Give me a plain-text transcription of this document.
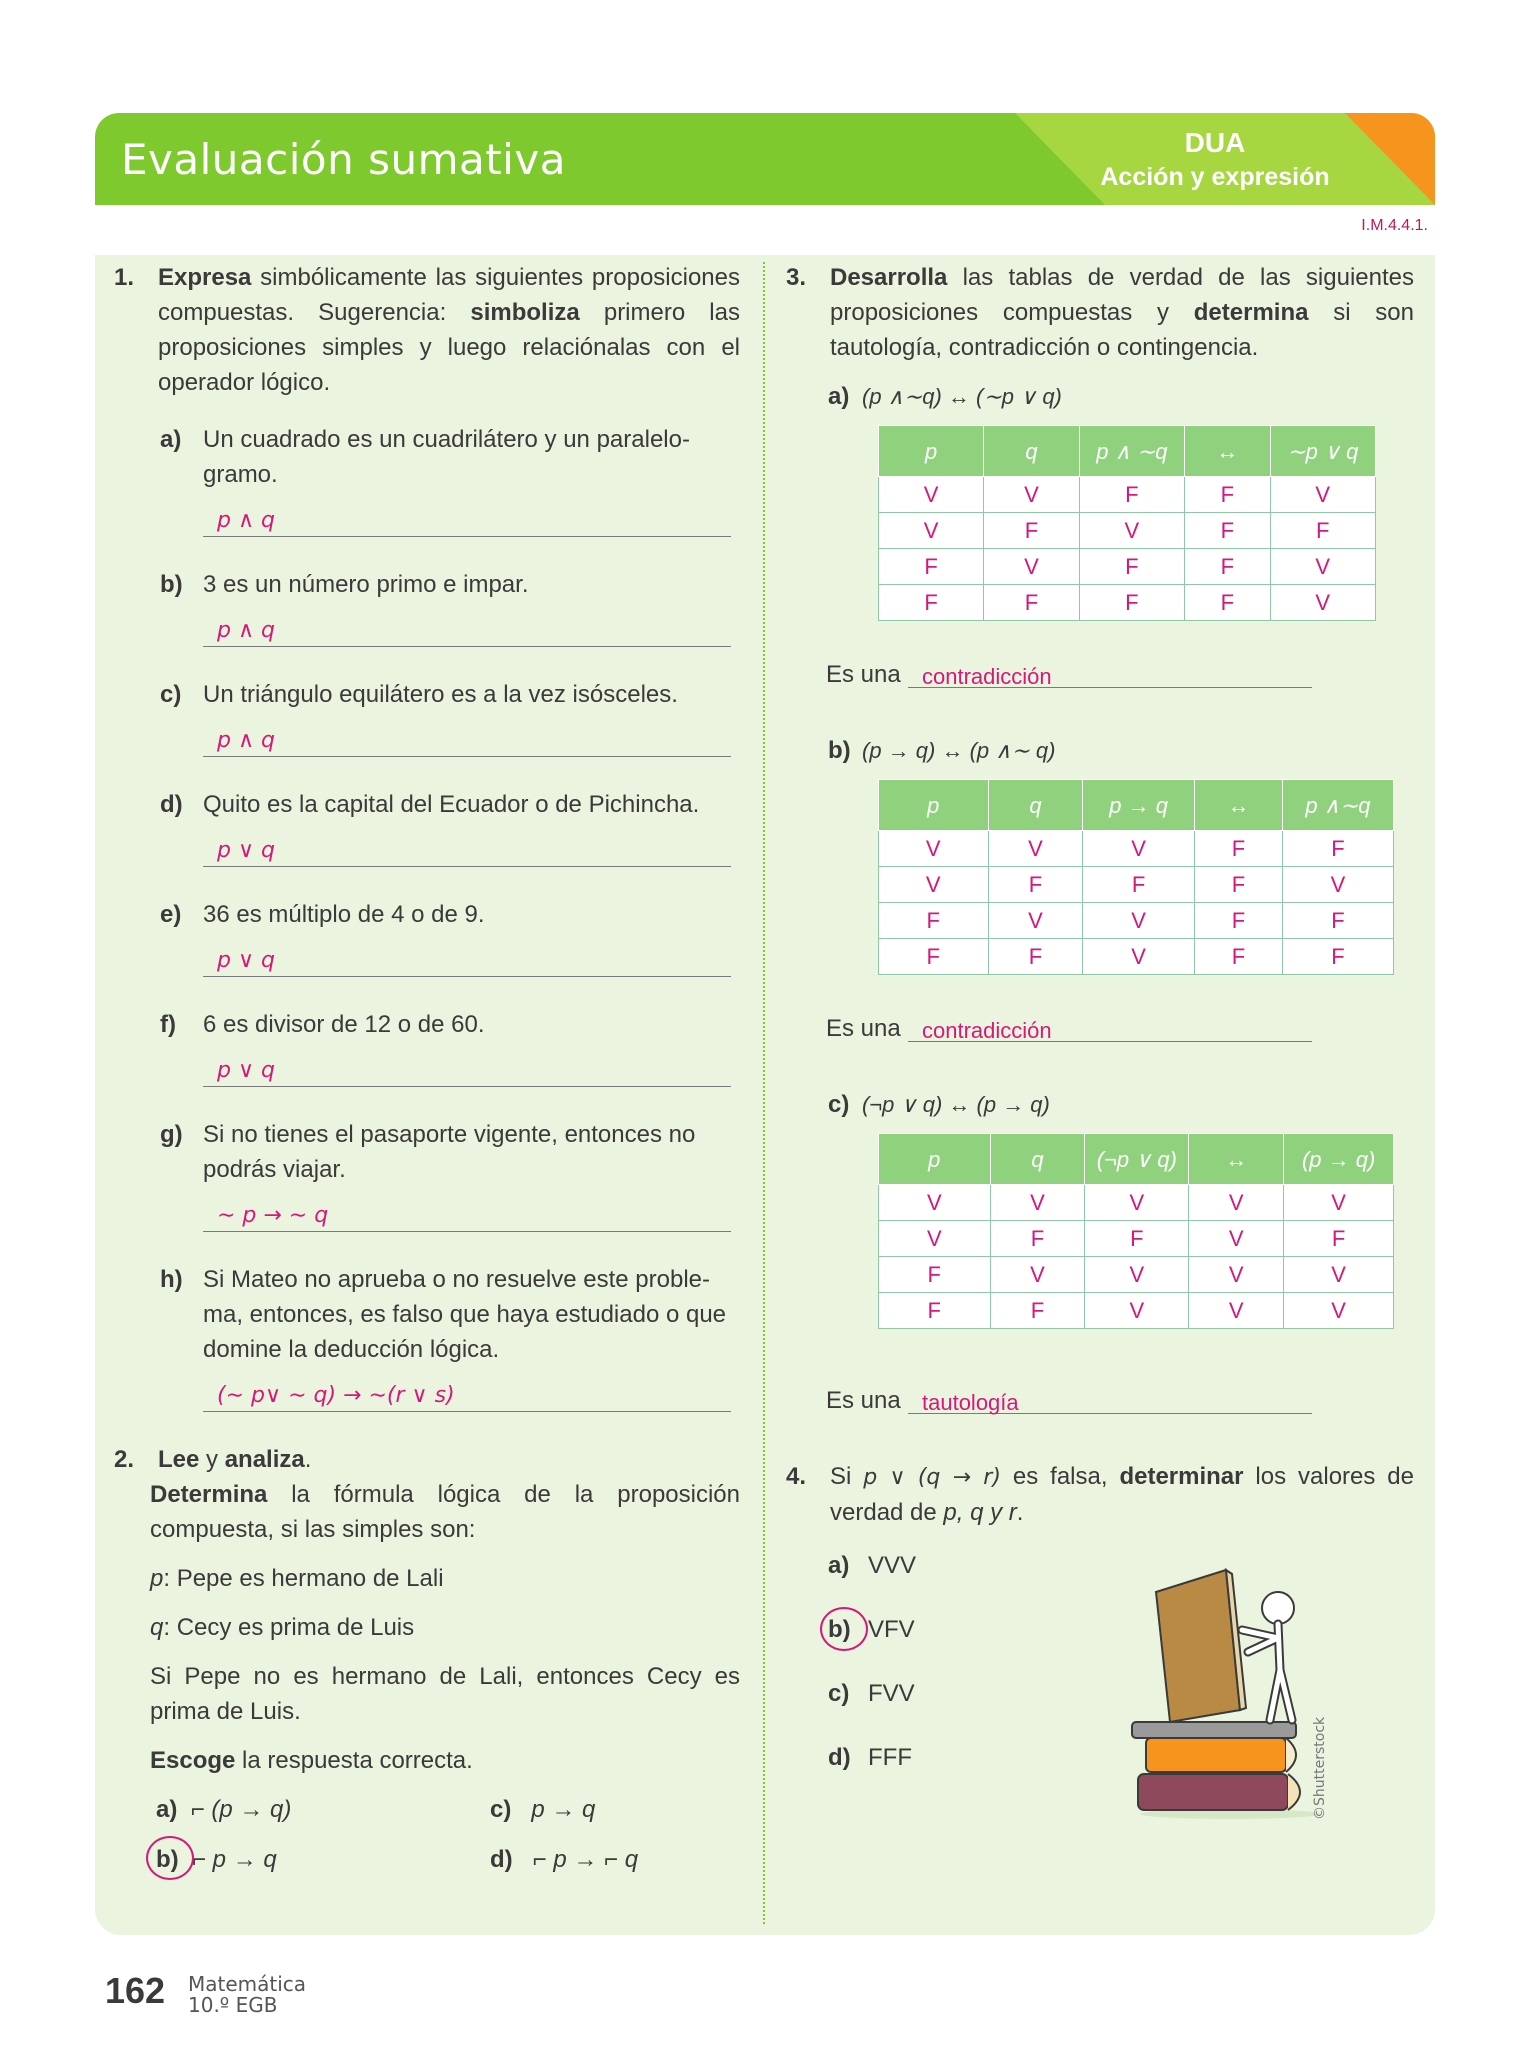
Evaluación sumativa	DUA
Acción y expresión
I.M.4.4.1.
1. Expresa simbólicamente las siguientes proposiciones compuestas. Sugerencia: simboliza primero las proposiciones simples y luego relaciónalas con el operador lógico.
a) Un cuadrado es un cuadrilátero y un paralelo-gramo.
p ∧ q
b) 3 es un número primo e impar.
p ∧ q
c) Un triángulo equilátero es a la vez isósceles.
p ∧ q
d) Quito es la capital del Ecuador o de Pichincha.
p ∨ q
e) 36 es múltiplo de 4 o de 9.
p ∨ q
f) 6 es divisor de 12 o de 60.
p ∨ q
g) Si no tienes el pasaporte vigente, entonces no podrás viajar.
∼ p → ∼ q
h) Si Mateo no aprueba o no resuelve este proble-ma, entonces, es falso que haya estudiado o que domine la deducción lógica.
(∼ p∨ ∼ q) → ∼(r ∨ s)
2. Lee y analiza.
Determina la fórmula lógica de la proposición compuesta, si las simples son:
p: Pepe es hermano de Lali
q: Cecy es prima de Luis
Si Pepe no es hermano de Lali, entonces Cecy es prima de Luis.
Escoge la respuesta correcta.
a) ⌐ (p → q)	c) p → q
b) ⌐ p → q	d) ⌐ p → ⌐ q
3. Desarrolla las tablas de verdad de las siguientes proposiciones compuestas y determina si son tautología, contradicción o contingencia.
a) (p ∧∼q) ↔ (∼p ∨ q)
p	q	p ∧ ∼q	↔	∼p ∨ q
V	V	F	F	V
V	F	V	F	F
F	V	F	F	V
F	F	F	F	V
Es una contradicción
b) (p → q) ↔ (p ∧∼ q)
p	q	p → q	↔	p ∧∼q
V	V	V	F	F
V	F	F	F	V
F	V	V	F	F
F	F	V	F	F
Es una contradicción
c) (¬p ∨ q) ↔ (p → q)
p	q	(¬p ∨ q)	↔	(p → q)
V	V	V	V	V
V	F	F	V	F
F	V	V	V	V
F	F	V	V	V
Es una tautología
4. Si p ∨ (q → r) es falsa, determinar los valores de verdad de p, q y r.
a) VVV
b) VFV
c) FVV
d) FFF	©Shutterstock
162 Matemática
10.º EGB
